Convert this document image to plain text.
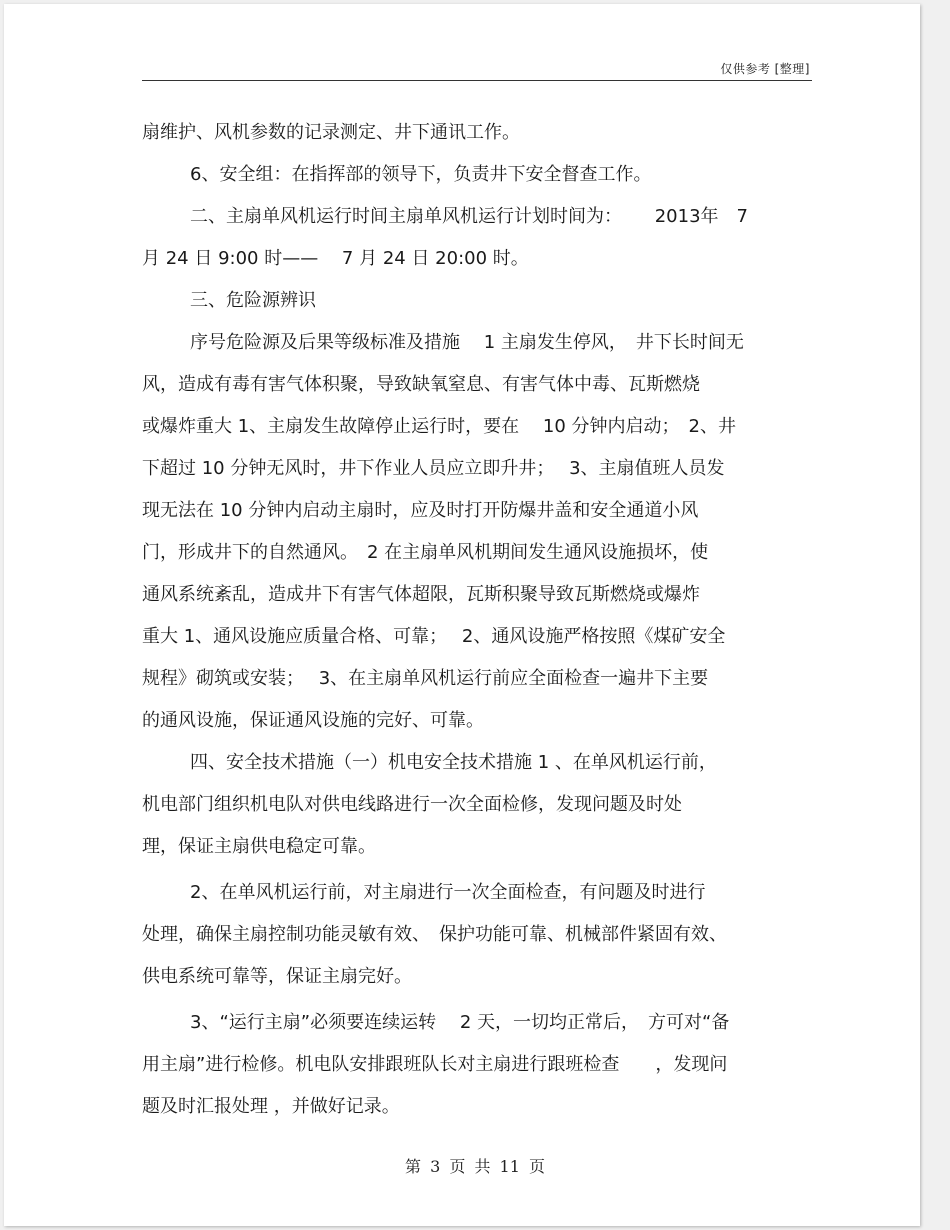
仅供参考 [整理]
扇维护、风机参数的记录测定、井下通讯工作。
6、安全组：在指挥部的领导下，负责井下安全督查工作。
二、主扇单风机运行时间主扇单风机运行计划时间为：　　 2013年　7
月 24 日 9:00 时——　 7 月 24 日 20:00 时。
三、危险源辨识
序号危险源及后果等级标准及措施　 1 主扇发生停风，　井下长时间无
风，造成有毒有害气体积聚，导致缺氧窒息、有害气体中毒、瓦斯燃烧
或爆炸重大 1、主扇发生故障停止运行时，要在　 10 分钟内启动；　2、井
下超过 10 分钟无风时，井下作业人员应立即升井；　 3、主扇值班人员发
现无法在 10 分钟内启动主扇时，应及时打开防爆井盖和安全通道小风
门，形成井下的自然通风。　2 在主扇单风机期间发生通风设施损坏，使
通风系统紊乱，造成井下有害气体超限，瓦斯积聚导致瓦斯燃烧或爆炸
重大 1、通风设施应质量合格、可靠；　 2、通风设施严格按照《煤矿安全
规程》砌筑或安装；　 3、在主扇单风机运行前应全面检查一遍井下主要
的通风设施，保证通风设施的完好、可靠。
四、安全技术措施（一）机电安全技术措施 1 、在单风机运行前，
机电部门组织机电队对供电线路进行一次全面检修，发现问题及时处
理，保证主扇供电稳定可靠。
2、在单风机运行前，对主扇进行一次全面检查，有问题及时进行
处理，确保主扇控制功能灵敏有效、　保护功能可靠、机械部件紧固有效、
供电系统可靠等，保证主扇完好。
3、“运行主扇”必须要连续运转　 2 天，一切均正常后，　方可对“备
用主扇”进行检修。机电队安排跟班队长对主扇进行跟班检查　　，发现问
题及时汇报处理 ，并做好记录。
第 3 页 共 11 页
